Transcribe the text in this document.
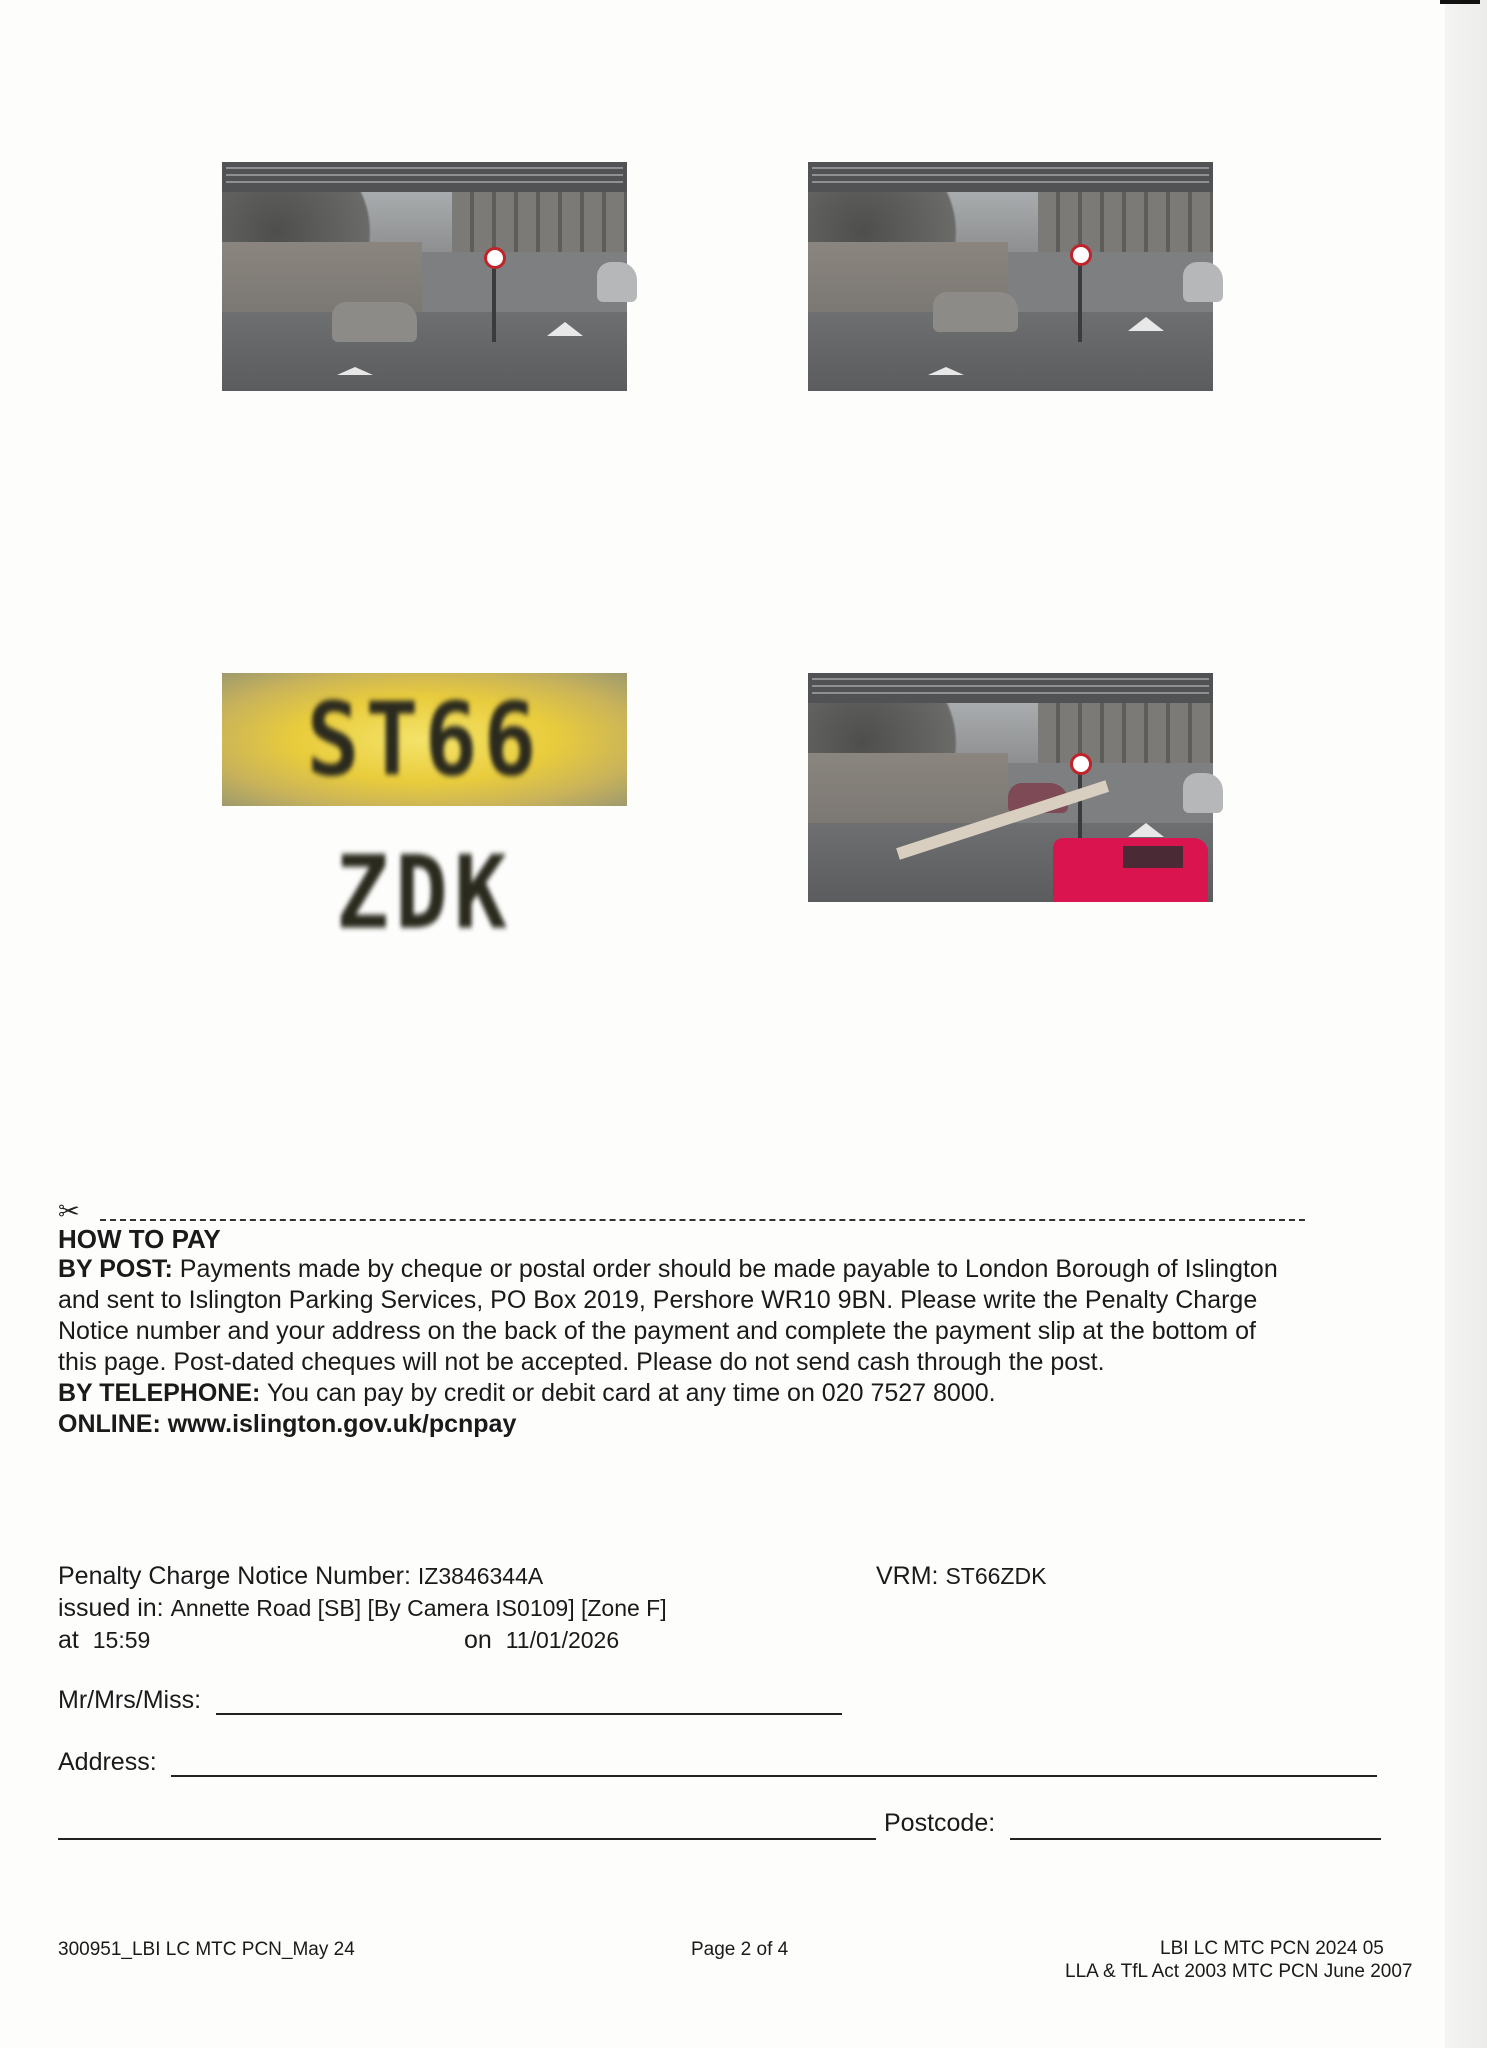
ST66 ZDK
✂
HOW TO PAY
BY POST: Payments made by cheque or postal order should be made payable to London Borough of Islington
and sent to Islington Parking Services, PO Box 2019, Pershore WR10 9BN. Please write the Penalty Charge
Notice number and your address on the back of the payment and complete the payment slip at the bottom of
this page. Post-dated cheques will not be accepted. Please do not send cash through the post.
BY TELEPHONE: You can pay by credit or debit card at any time on 020 7527 8000.
ONLINE: www.islington.gov.uk/pcnpay
Penalty Charge Notice Number: IZ3846344A	VRM: ST66ZDK
issued in: Annette Road [SB] [By Camera IS0109] [Zone F]
at 15:59	on 11/01/2026
Mr/Mrs/Miss:
Address:
Postcode:
300951_LBI LC MTC PCN_May 24	Page 2 of 4	LBI LC MTC PCN 2024 05
LLA & TfL Act 2003 MTC PCN June 2007
